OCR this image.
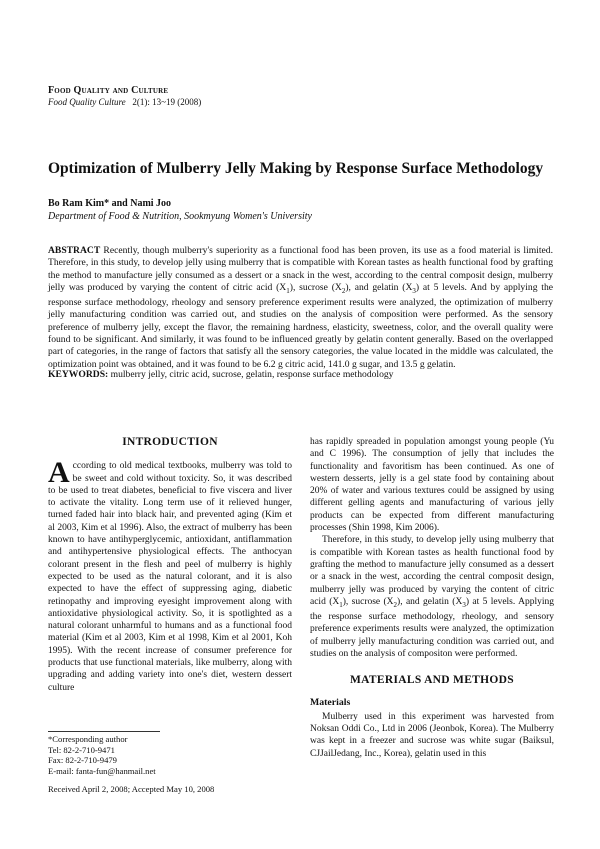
Food Quality and Culture
Food Quality Culture 2(1): 13~19 (2008)
Optimization of Mulberry Jelly Making by Response Surface Methodology
Bo Ram Kim* and Nami Joo
Department of Food & Nutrition, Sookmyung Women's University
ABSTRACT Recently, though mulberry's superiority as a functional food has been proven, its use as a food material is limited. Therefore, in this study, to develop jelly using mulberry that is compatible with Korean tastes as health functional food by grafting the method to manufacture jelly consumed as a dessert or a snack in the west, according to the central composit design, mulberry jelly was produced by varying the content of citric acid $(X_1)$, sucrose $(X_2)$, and gelatin $(X_3)$ at 5 levels. And by applying the response surface methodology, rheology and sensory preference experiment results were analyzed, the optimization of mulberry jelly manufacturing condition was carried out, and studies on the analysis of composition were performed. As the sensory preference of mulberry jelly, except the flavor, the remaining hardness, elasticity, sweetness, color, and the overall quality were found to be significant. And similarly, it was found to be influenced greatly by gelatin content generally. Based on the overlapped part of categories, in the range of factors that satisfy all the sensory categories, the value located in the middle was calculated, the optimization point was obtained, and it was found to be 6.2 g citric acid, 141.0 g sugar, and 13.5 g gelatin.
KEYWORDS: mulberry jelly, citric acid, sucrose, gelatin, response surface methodology
INTRODUCTION

According to old medical textbooks, mulberry was told to be sweet and cold without toxicity. So, it was described to be used to treat diabetes, beneficial to five viscera and liver to activate the vitality. Long term use of it relieved hunger, turned faded hair into black hair, and prevented aging (Kim et al 2003, Kim et al 1996). Also, the extract of mulberry has been known to have antihyperglycemic, antioxidant, antiflammation and antihypertensive physiological effects. The anthocyan colorant present in the flesh and peel of mulberry is highly expected to be used as the natural colorant, and it is also expected to have the effect of suppressing aging, diabetic retinopathy and improving eyesight improvement along with antioxidative physiological activity. So, it is spotlighted as a natural colorant unharmful to humans and as a functional food material (Kim et al 2003, Kim et al 1998, Kim et al 2001, Koh 1995). With the recent increase of consumer preference for products that use functional materials, like mulberry, along with upgrading and adding variety into one's diet, western dessert culture

has rapidly spreaded in population amongst young people (Yu and C 1996). The consumption of jelly that includes the functionality and favoritism has been continued. As one of western desserts, jelly is a gel state food by containing about 20% of water and various textures could be assigned by using different gelling agents and manufacturing of various jelly products can be expected from different manufacturing processes (Shin 1998, Kim 2006).

Therefore, in this study, to develop jelly using mulberry that is compatible with Korean tastes as health functional food by grafting the method to manufacture jelly consumed as a dessert or a snack in the west, according the central composit design, mulberry jelly was produced by varying the content of citric acid $(X_1)$, sucrose $(X_2)$, and gelatin $(X_3)$ at 5 levels. Applying the response surface methodology, rheology, and sensory preference experiments results were analyzed, the optimization of mulberry jelly manufacturing condition was carried out, and studies on the analysis of compositon were performed.

MATERIALS AND METHODS
Materials

Mulberry used in this experiment was harvested from Noksan Oddi Co., Ltd in 2006 (Jeonbok, Korea). The Mulberry was kept in a freezer and sucrose was white sugar (Baiksul, CJJailJedang, Inc., Korea), gelatin used in this

*Corresponding author
Tel: 82-2-710-9471
Fax: 82-2-710-9479
E-mail: fanta-fun@hanmail.net
Received April 2, 2008; Accepted May 10, 2008
